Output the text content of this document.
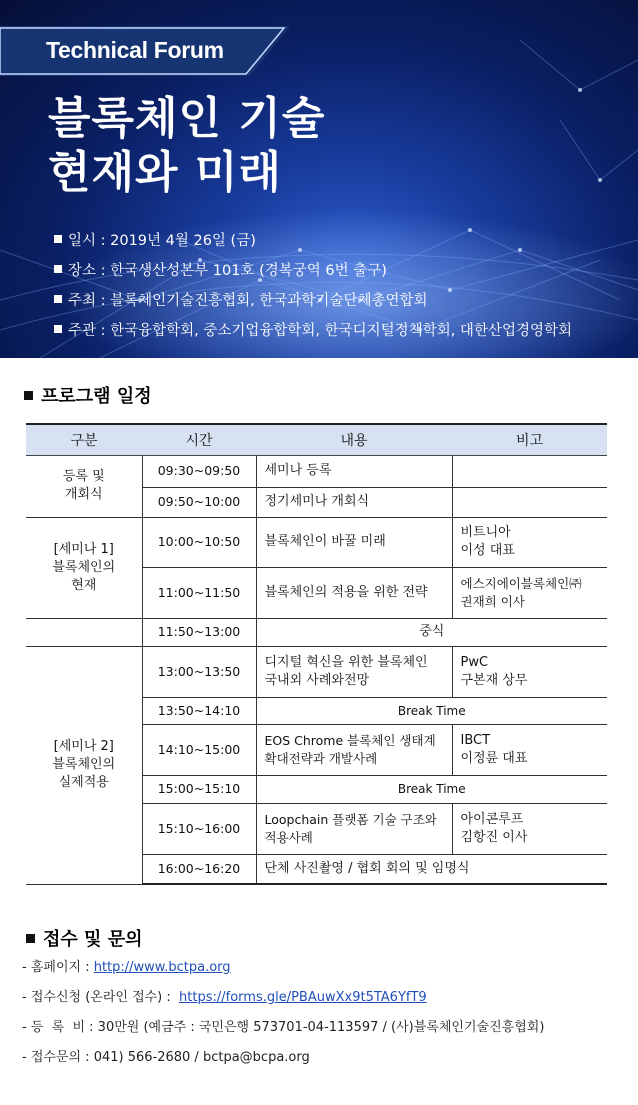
Technical Forum
블록체인 기술
현재와 미래
일시 : 2019년 4월 26일 (금)
장소 : 한국생산성본부 101호 (경복궁역 6번 출구)
주최 : 블록체인기술진흥협회, 한국과학기술단체총연합회
주관 : 한국융합학회, 중소기업융합학회, 한국디지털정책학회, 대한산업경영학회
프로그램 일정
구분	시간	내용	비고
등록 및
개회식	09:30~09:50	세미나 등록	
	09:50~10:00	정기세미나 개회식	
[세미나 1]
블록체인의
현재	10:00~10:50	블록체인이 바꿀 미래	비트니아
이성 대표
	11:00~11:50	블록체인의 적용을 위한 전략	에스지에이블록체인㈜
권재희 이사
	11:50~13:00	중식	
[세미나 2]
블록체인의
실제적용	13:00~13:50	디지털 혁신을 위한 블록체인
국내외 사례와전망	PwC
구본재 상무
	13:50~14:10	Break Time	
	14:10~15:00	EOS Chrome 블록체인 생태계
확대전략과 개발사례	IBCT
이정륜 대표
	15:00~15:10	Break Time	
	15:10~16:00	Loopchain 플랫폼 기술 구조와
적용사례	아이콘루프
김항진 이사
	16:00~16:20	단체 사진촬영 / 협회 회의 및 임명식	
접수 및 문의
- 홈페이지 : http://www.bctpa.org
- 접수신청 (온라인 접수) :  https://forms.gle/PBAuwXx9t5TA6YfT9
- 등  록  비 : 30만원 (예금주 : 국민은행 573701-04-113597 / (사)블록체인기술진흥협회)
- 접수문의 : 041) 566-2680 / bctpa@bcpa.org
